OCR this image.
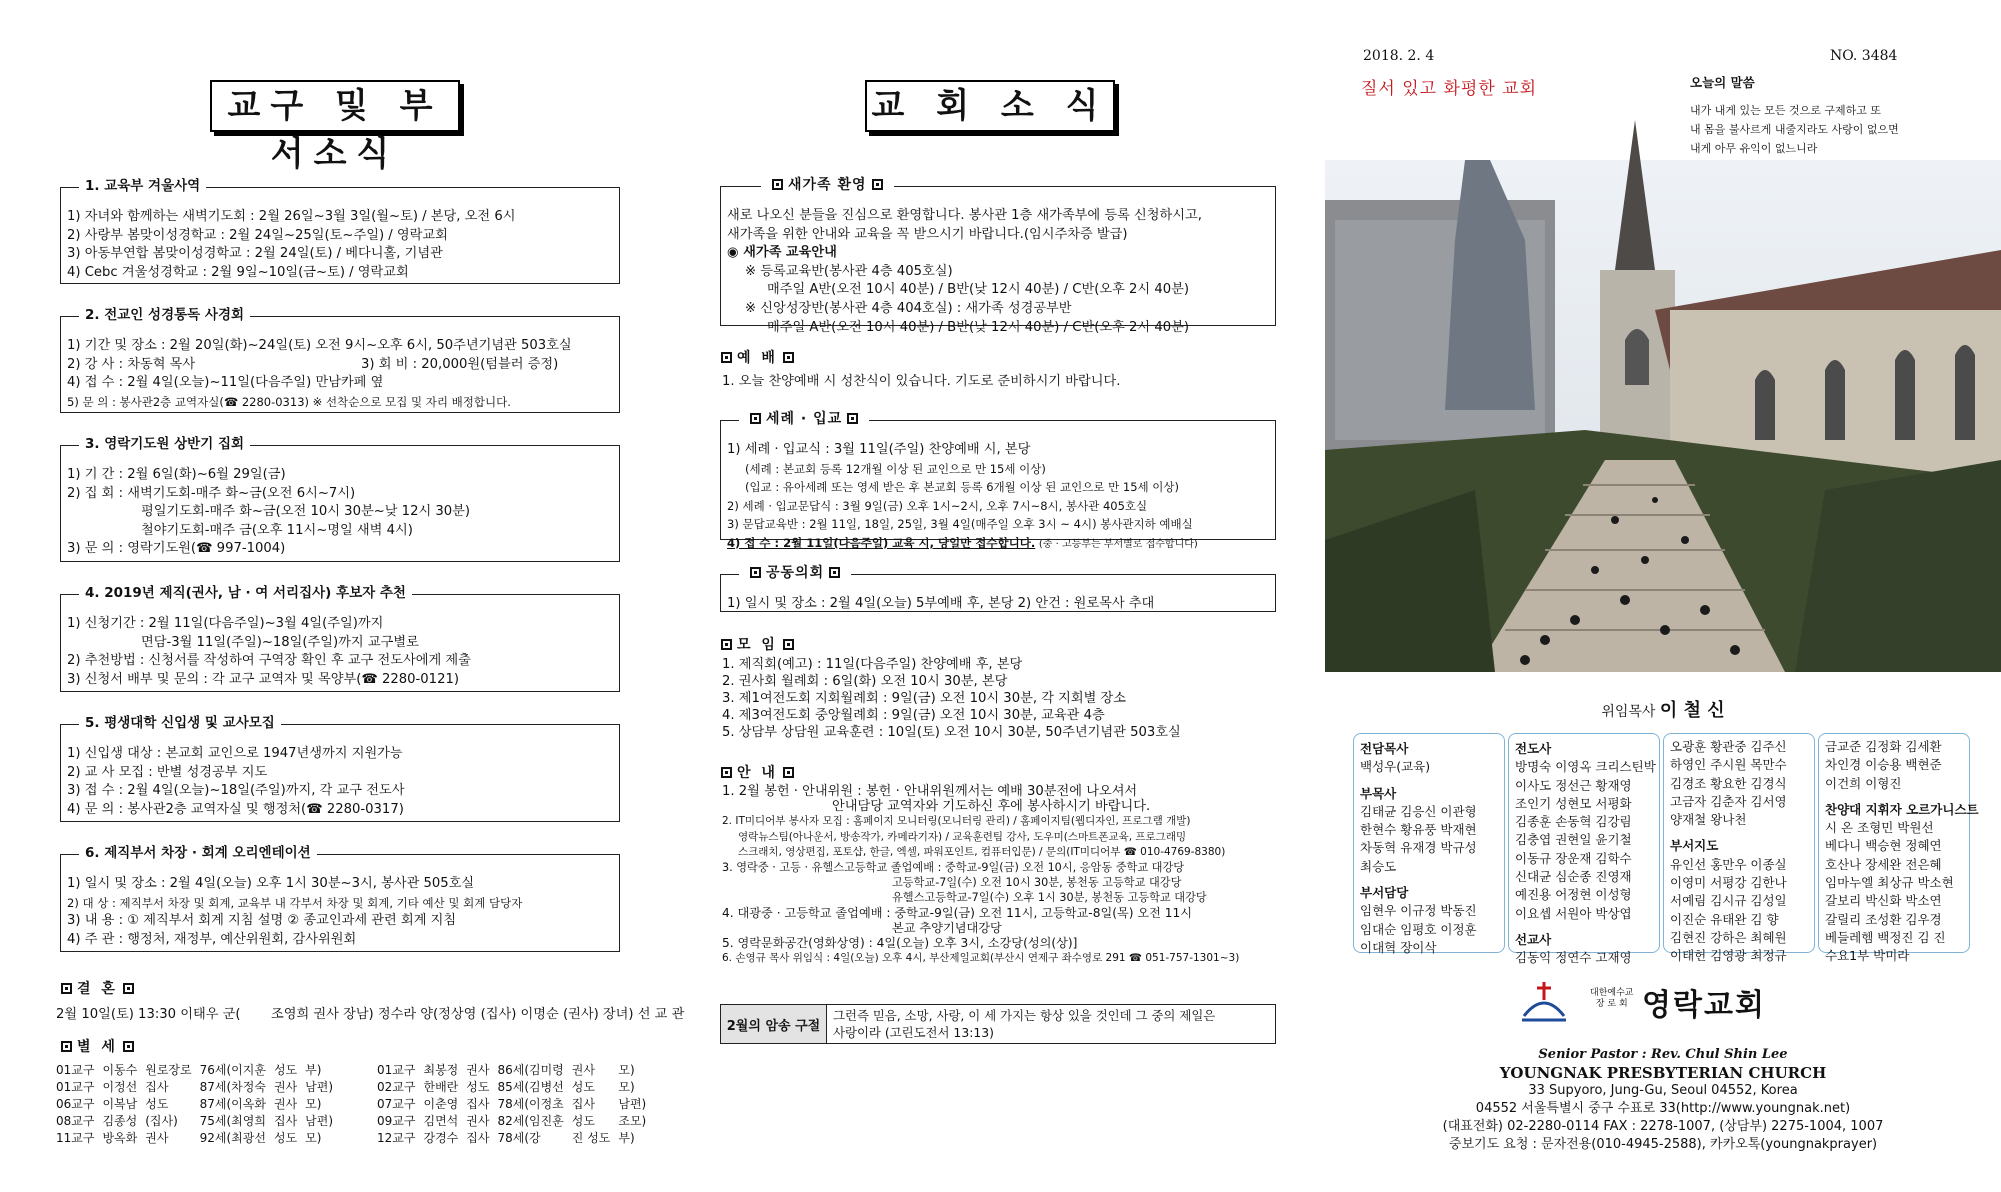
교구 및 부서소식
1. 교육부 겨울사역
1) 자녀와 함께하는 새벽기도회 : 2월 26일~3월 3일(월~토) / 본당, 오전 6시
2) 사랑부 봄맞이성경학교 : 2월 24일~25일(토~주일) / 영락교회
3) 아동부연합 봄맞이성경학교 : 2월 24일(토) / 베다니홀, 기념관
4) Cebc 겨울성경학교 : 2월 9일~10일(금~토) / 영락교회
2. 전교인 성경통독 사경회
1) 기간 및 장소 : 2월 20일(화)~24일(토) 오전 9시~오후 6시, 50주년기념관 503호실
2) 강 사 : 차동혁 목사	3) 회 비 : 20,000원(텀블러 증정)
4) 접 수 : 2월 4일(오늘)~11일(다음주일) 만남카페 옆
5) 문 의 : 봉사관2층 교역자실(☎ 2280-0313) ※ 선착순으로 모집 및 자리 배정합니다.
3. 영락기도원 상반기 집회
1) 기 간 : 2월 6일(화)~6월 29일(금)
2) 집 회 : 새벽기도회-매주 화~금(오전 6시~7시)
평일기도회-매주 화~금(오전 10시 30분~낮 12시 30분)
철야기도회-매주 금(오후 11시~명일 새벽 4시)
3) 문 의 : 영락기도원(☎ 997-1004)
4. 2019년 제직(권사, 남 · 여 서리집사) 후보자 추천
1) 신청기간 : 2월 11일(다음주일)~3월 4일(주일)까지
면담-3월 11일(주일)~18일(주일)까지 교구별로
2) 추천방법 : 신청서를 작성하여 구역장 확인 후 교구 전도사에게 제출
3) 신청서 배부 및 문의 : 각 교구 교역자 및 목양부(☎ 2280-0121)
5. 평생대학 신입생 및 교사모집
1) 신입생 대상 : 본교회 교인으로 1947년생까지 지원가능
2) 교 사 모집 : 반별 성경공부 지도
3) 접 수 : 2월 4일(오늘)~18일(주일)까지, 각 교구 전도사
4) 문 의 : 봉사관2층 교역자실 및 행정처(☎ 2280-0317)
6. 제직부서 차장 · 회계 오리엔테이션
1) 일시 및 장소 : 2월 4일(오늘) 오후 1시 30분~3시, 봉사관 505호실
2) 대 상 : 제직부서 차장 및 회계, 교육부 내 각부서 차장 및 회계, 기타 예산 및 회계 담당자
3) 내 용 : ① 제직부서 회계 지침 설명 ② 종교인과세 관련 회계 지침
4) 주 관 : 행정처, 재정부, 예산위원회, 감사위원회
결 혼
2월 10일(토) 13:30 이태우 군( 조영희 권사 장남) 정수라 양(정상영 (집사) 이명순 (권사) 장녀) 선 교 관
별 세
01교구	이동수	원로장로	76세(이지훈	성도	부)	01교구	최봉정	권사	86세(김미령	권사	모)
01교구	이정선	집사	87세(차정숙	권사	남편)	02교구	한배란	성도	85세(김병선	성도	모)
06교구	이복남	성도	87세(이옥화	권사	모)	07교구	이춘영	집사	78세(이정초	집사	남편)
08교구	김종성	(집사)	75세(최영희	집사	남편)	09교구	김면석	권사	82세(임진훈	성도	조모)
11교구	방옥화	권사	92세(최광선	성도	모)	12교구	강경수	집사	78세(강	진 성도	부)
교 회 소 식
새가족 환영
새로 나오신 분들을 진심으로 환영합니다. 봉사관 1층 새가족부에 등록 신청하시고,
새가족을 위한 안내와 교육을 꼭 받으시기 바랍니다.(임시주차증 발급)
◉ 새가족 교육안내
※ 등록교육반(봉사관 4층 405호실)
매주일 A반(오전 10시 40분) / B반(낮 12시 40분) / C반(오후 2시 40분)
※ 신앙성장반(봉사관 4층 404호실) : 새가족 성경공부반
매주일 A반(오전 10시 40분) / B반(낮 12시 40분) / C반(오후 2시 40분)
예 배
1. 오늘 찬양예배 시 성찬식이 있습니다. 기도로 준비하시기 바랍니다.
세례 · 입교
1) 세례 · 입교식 : 3월 11일(주일) 찬양예배 시, 본당
(세례 : 본교회 등록 12개월 이상 된 교인으로 만 15세 이상)
(입교 : 유아세례 또는 영세 받은 후 본교회 등록 6개월 이상 된 교인으로 만 15세 이상)
2) 세례 · 입교문답식 : 3월 9일(금) 오후 1시~2시, 오후 7시~8시, 봉사관 405호실
3) 문답교육반 : 2월 11일, 18일, 25일, 3월 4일(매주일 오후 3시 ~ 4시) 봉사관지하 예배실
4) 접 수 : 2월 11일(다음주일) 교육 시, 당일만 접수합니다. (중 · 고등부는 부서별로 접수합니다)
공동의회
1) 일시 및 장소 : 2월 4일(오늘) 5부예배 후, 본당 2) 안건 : 원로목사 추대
모 임
1. 제직회(예고) : 11일(다음주일) 찬양예배 후, 본당
2. 권사회 월례회 : 6일(화) 오전 10시 30분, 본당
3. 제1여전도회 지회월례회 : 9일(금) 오전 10시 30분, 각 지회별 장소
4. 제3여전도회 중앙월례회 : 9일(금) 오전 10시 30분, 교육관 4층
5. 상담부 상담원 교육훈련 : 10일(토) 오전 10시 30분, 50주년기념관 503호실
안 내
1. 2월 봉헌 · 안내위원 : 봉헌 · 안내위원께서는 예배 30분전에 나오셔서
안내담당 교역자와 기도하신 후에 봉사하시기 바랍니다.
2. IT미디어부 봉사자 모집 : 홈페이지 모니터링(모니터링 관리) / 홈페이지팀(웹디자인, 프로그램 개발)
영락뉴스팀(아나운서, 방송작가, 카메라기자) / 교육훈련팀 강사, 도우미(스마트폰교육, 프로그래밍
스크래치, 영상편집, 포토샵, 한글, 엑셀, 파워포인트, 컴퓨터입문) / 문의(IT미디어부 ☎ 010-4769-8380)
3. 영락중 · 고등 · 유헬스고등학교 졸업예배 : 중학교-9일(금) 오전 10시, 응암동 중학교 대강당
고등학교-7일(수) 오전 10시 30분, 봉천동 고등학교 대강당
유헬스고등학교-7일(수) 오후 1시 30분, 봉천동 고등학교 대강당
4. 대광중 · 고등학교 졸업예배 : 중학교-9일(금) 오전 11시, 고등학교-8일(목) 오전 11시
본교 추양기념대강당
5. 영락문화공간(영화상영) : 4일(오늘) 오후 3시, 소강당(성의(상)]
6. 손영규 목사 위임식 : 4일(오늘) 오후 4시, 부산제일교회(부산시 연제구 좌수영로 291 ☎ 051-757-1301~3)
2월의 암송 구절
그런즉 믿음, 소망, 사랑, 이 세 가지는 항상 있을 것인데 그 중의 제일은
사랑이라 (고린도전서 13:13)
2018. 2. 4
질서 있고 화평한 교회
NO. 3484
오늘의 말씀
내가 내게 있는 모든 것으로 구제하고 또
내 몸을 불사르게 내줄지라도 사랑이 없으면
내게 아무 유익이 없느니라
위임목사 이 철 신
전담목사
백성우(교육)
부목사
김태균 김응신 이관형
한현수 황유풍 박재현
차동혁 유재경 박규성
최승도
부서담당
임현우 이규정 박동진
임대순 임평호 이정훈
이대혁 장이삭
전도사
방명숙 이영옥 크리스틴박
이사도 정선근 황재영
조인기 성현모 서평화
김종훈 손동혁 김강림
김충엽 권현일 윤기철
이동규 장운재 김학수
신대균 심순종 진영재
예진용 어정현 이성형
이요셉 서원아 박상엽
선교사
김동익 정연수 고재영
오광훈 황관중 김주신
하영인 주시원 목만수
김경조 황요한 김경식
고금자 김춘자 김서영
양재철 왕나천
부서지도
유인선 홍만우 이종실
이영미 서평강 김한나
서예림 김시규 김성일
이진순 유태완 김 향
김현진 강하은 최혜원
이태헌 김영광 최정규
금교준 김정화 김세환
차인경 이승용 백현준
이건희 이형진
찬양대 지휘자 오르가니스트
시 온 조형민 박원선
베다니 백승현 정혜연
호산나 장세완 전은혜
임마누엘 최상규 박소현
갈보리 박신화 박소연
갈릴리 조성환 김우경
베들레헴 백정진 김 진
수요1부 박미라
대한예수교
장 로 회 영락교회
Senior Pastor : Rev. Chul Shin Lee
YOUNGNAK PRESBYTERIAN CHURCH
33 Supyoro, Jung-Gu, Seoul 04552, Korea
04552 서울특별시 중구 수표로 33(http://www.youngnak.net)
(대표전화) 02-2280-0114 FAX : 2278-1007, (상담부) 2275-1004, 1007
중보기도 요청 : 문자전용(010-4945-2588), 카카오톡(youngnakprayer)
